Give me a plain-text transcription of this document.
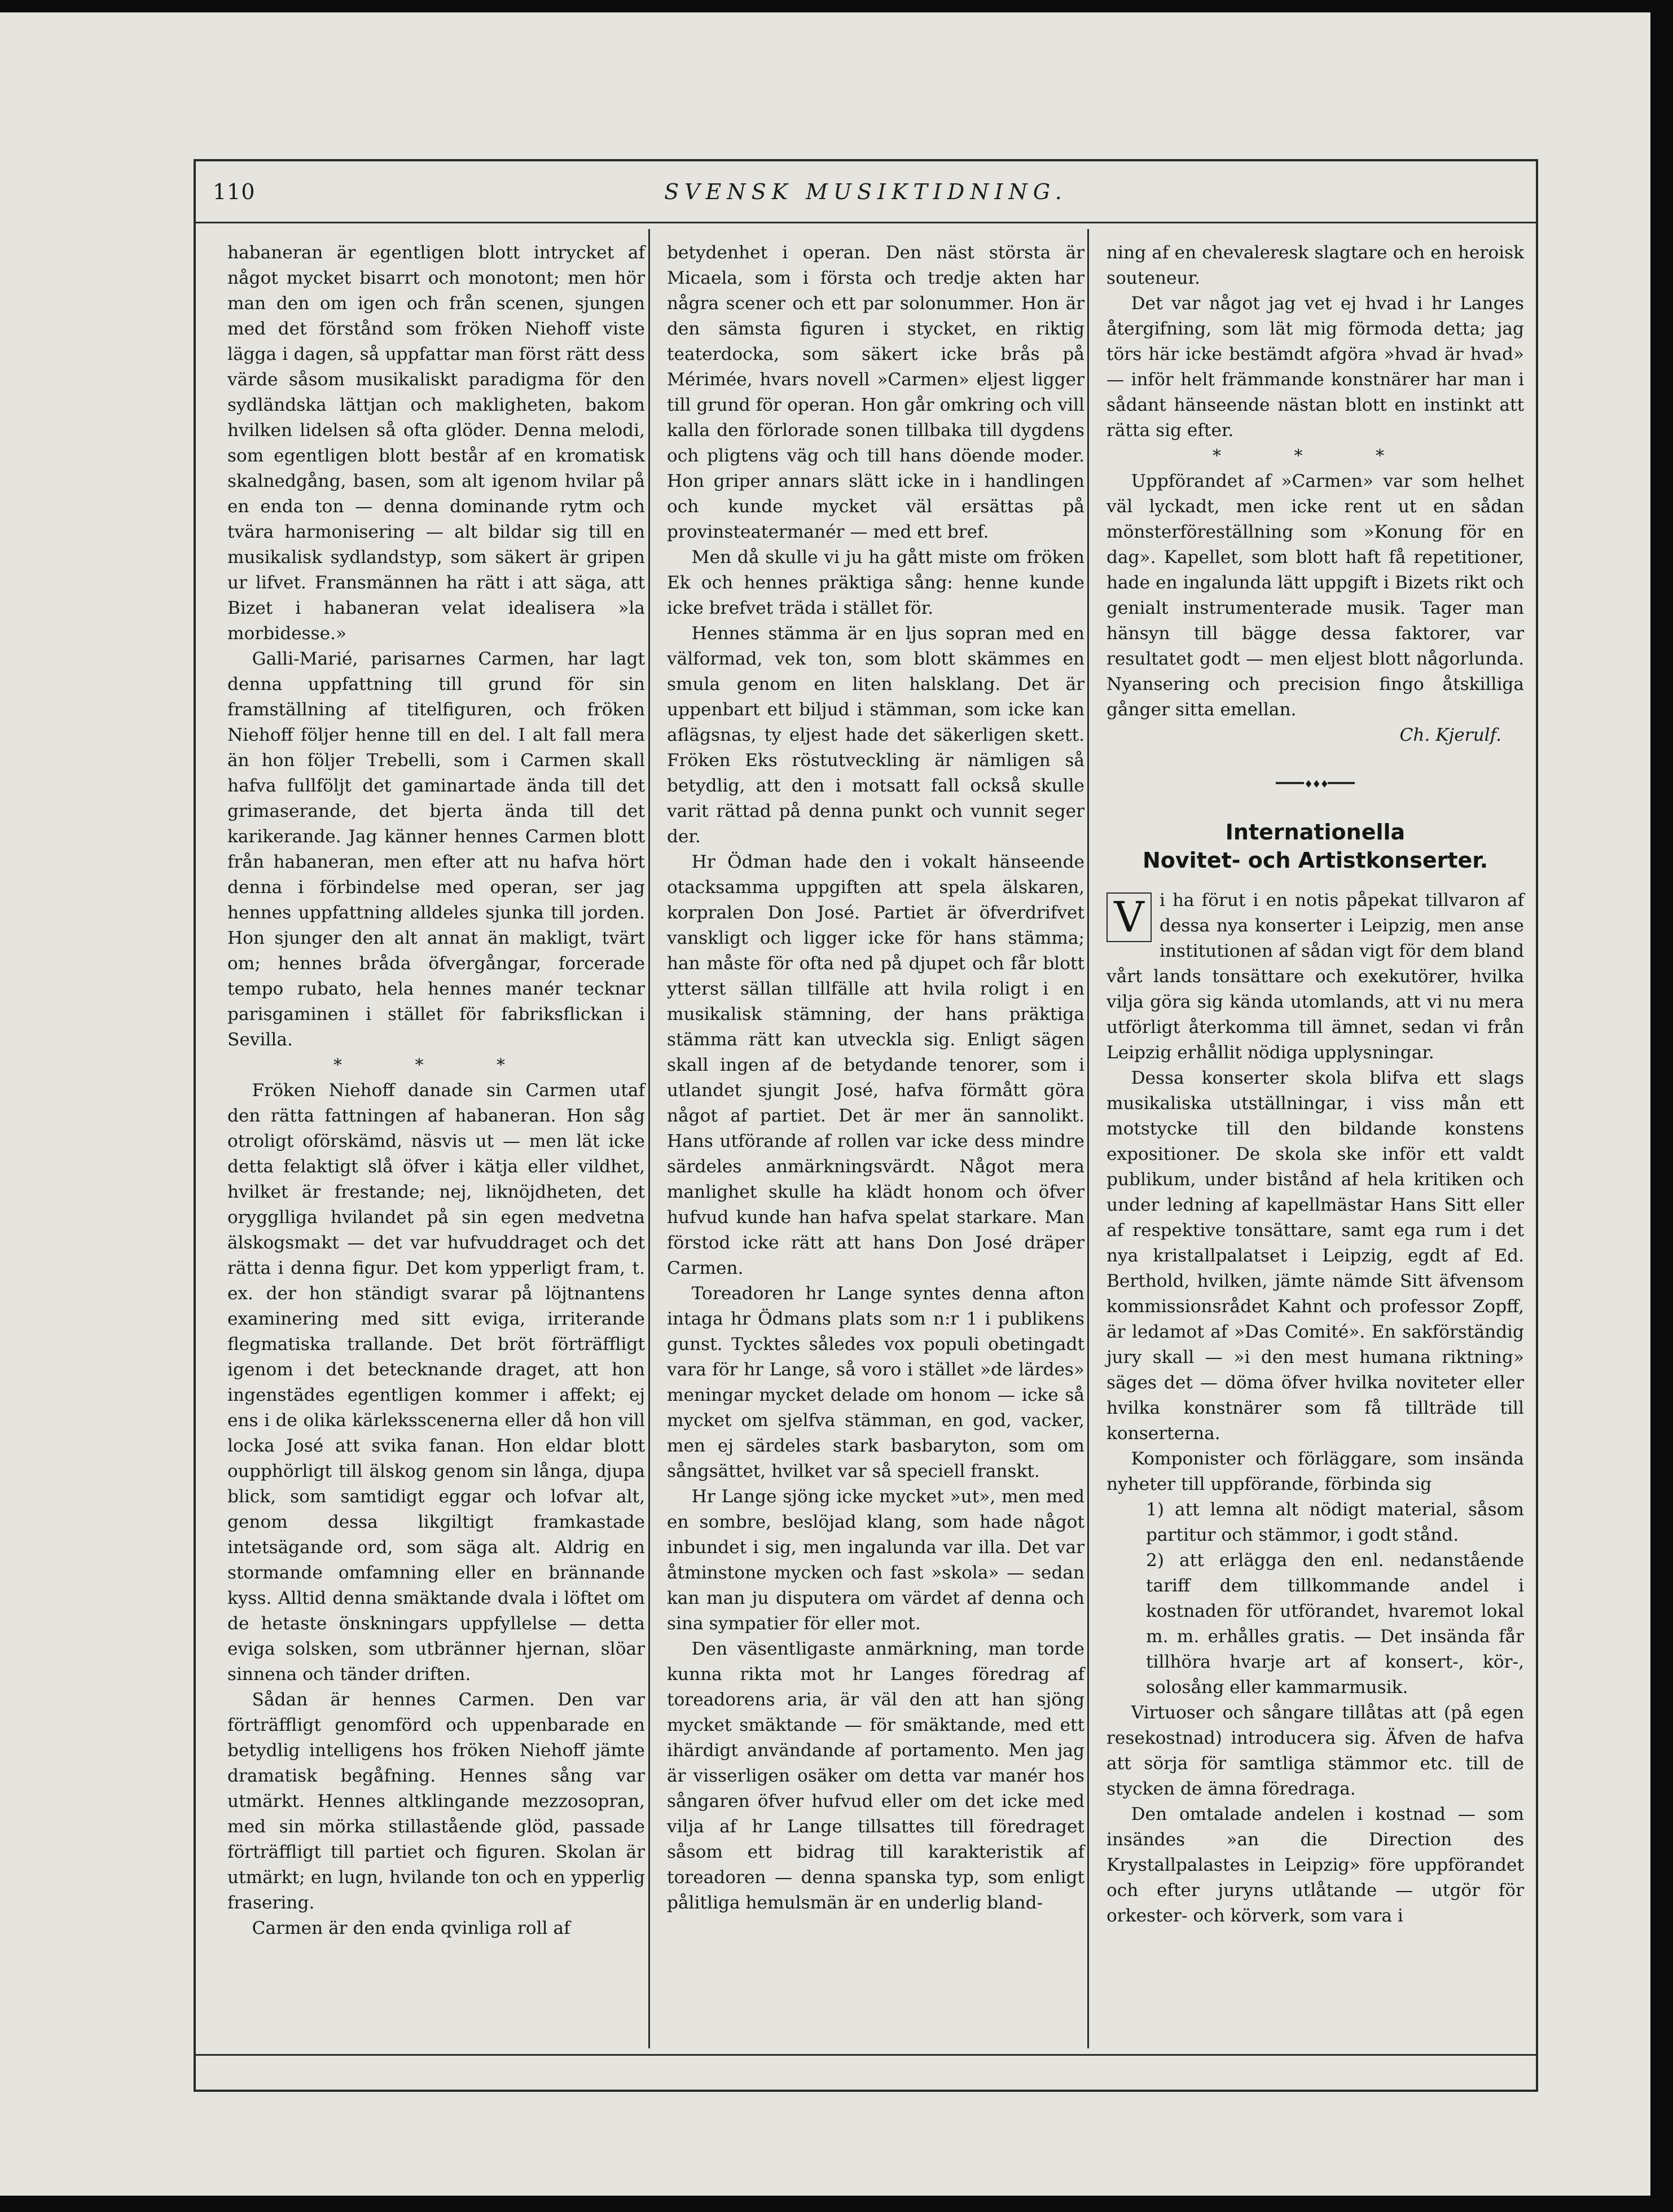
110	SVENSK MUSIKTIDNING.

habaneran är egentligen blott intrycket af något mycket bisarrt och monotont; men hör man den om igen och från scenen, sjungen med det förstånd som fröken Niehoff viste lägga i dagen, så uppfattar man först rätt dess värde såsom musikaliskt paradigma för den sydländska lättjan och makligheten, bakom hvilken lidelsen så ofta glöder. Denna melodi, som egentligen blott består af en kromatisk skalnedgång, basen, som alt igenom hvilar på en enda ton — denna dominande rytm och tvära harmonisering — alt bildar sig till en musikalisk sydlandstyp, som säkert är gripen ur lifvet. Fransmännen ha rätt i att säga, att Bizet i habaneran velat idealisera »la morbidesse.»

Galli-Marié, parisarnes Carmen, har lagt denna uppfattning till grund för sin framställning af titelfiguren, och fröken Niehoff följer henne till en del. I alt fall mera än hon följer Trebelli, som i Carmen skall hafva fullföljt det gaminartade ända till det grimaserande, det bjerta ända till det karikerande. Jag känner hennes Carmen blott från habaneran, men efter att nu hafva hört denna i förbindelse med operan, ser jag hennes uppfattning alldeles sjunka till jorden. Hon sjunger den alt annat än makligt, tvärt om; hennes bråda öfvergångar, forcerade tempo rubato, hela hennes manér tecknar parisgaminen i stället för fabriksflickan i Sevilla.

* * *

Fröken Niehoff danade sin Carmen utaf den rätta fattningen af habaneran. Hon såg otroligt oförskämd, näsvis ut — men lät icke detta felaktigt slå öfver i kätja eller vildhet, hvilket är frestande; nej, liknöjdheten, det orygglliga hvilandet på sin egen medvetna älskogsmakt — det var hufvuddraget och det rätta i denna figur. Det kom ypperligt fram, t. ex. der hon ständigt svarar på löjtnantens examinering med sitt eviga, irriterande flegmatiska trallande. Det bröt förträffligt igenom i det betecknande draget, att hon ingenstädes egentligen kommer i affekt; ej ens i de olika kärleksscenerna eller då hon vill locka José att svika fanan. Hon eldar blott oupphörligt till älskog genom sin långa, djupa blick, som samtidigt eggar och lofvar alt, genom dessa likgiltigt framkastade intetsägande ord, som säga alt. Aldrig en stormande omfamning eller en brännande kyss. Alltid denna smäktande dvala i löftet om de hetaste önskningars uppfyllelse — detta eviga solsken, som utbränner hjernan, slöar sinnena och tänder driften.

Sådan är hennes Carmen. Den var förträffligt genomförd och uppenbarade en betydlig intelligens hos fröken Niehoff jämte dramatisk begåfning. Hennes sång var utmärkt. Hennes altklingande mezzosopran, med sin mörka stillastående glöd, passade förträffligt till partiet och figuren. Skolan är utmärkt; en lugn, hvilande ton och en ypperlig frasering.

Carmen är den enda qvinliga roll af

betydenhet i operan. Den näst största är Micaela, som i första och tredje akten har några scener och ett par solonummer. Hon är den sämsta figuren i stycket, en riktig teaterdocka, som säkert icke brås på Mérimée, hvars novell »Carmen» eljest ligger till grund för operan. Hon går omkring och vill kalla den förlorade sonen tillbaka till dygdens och pligtens väg och till hans döende moder. Hon griper annars slätt icke in i handlingen och kunde mycket väl ersättas på provinsteatermanér — med ett bref.

Men då skulle vi ju ha gått miste om fröken Ek och hennes präktiga sång: henne kunde icke brefvet träda i stället för.

Hennes stämma är en ljus sopran med en välformad, vek ton, som blott skämmes en smula genom en liten halsklang. Det är uppenbart ett biljud i stämman, som icke kan aflägsnas, ty eljest hade det säkerligen skett. Fröken Eks röstutveckling är nämligen så betydlig, att den i motsatt fall också skulle varit rättad på denna punkt och vunnit seger der.

Hr Ödman hade den i vokalt hänseende otacksamma uppgiften att spela älskaren, korpralen Don José. Partiet är öfverdrifvet vanskligt och ligger icke för hans stämma; han måste för ofta ned på djupet och får blott ytterst sällan tillfälle att hvila roligt i en musikalisk stämning, der hans präktiga stämma rätt kan utveckla sig. Enligt sägen skall ingen af de betydande tenorer, som i utlandet sjungit José, hafva förmått göra något af partiet. Det är mer än sannolikt. Hans utförande af rollen var icke dess mindre särdeles anmärkningsvärdt. Något mera manlighet skulle ha klädt honom och öfver hufvud kunde han hafva spelat starkare. Man förstod icke rätt att hans Don José dräper Carmen.

Toreadoren hr Lange syntes denna afton intaga hr Ödmans plats som n:r 1 i publikens gunst. Tycktes således vox populi obetingadt vara för hr Lange, så voro i stället »de lärdes» meningar mycket delade om honom — icke så mycket om sjelfva stämman, en god, vacker, men ej särdeles stark basbaryton, som om sångsättet, hvilket var så speciell franskt.

Hr Lange sjöng icke mycket »ut», men med en sombre, beslöjad klang, som hade något inbundet i sig, men ingalunda var illa. Det var åtminstone mycken och fast »skola» — sedan kan man ju disputera om värdet af denna och sina sympatier för eller mot.

Den väsentligaste anmärkning, man torde kunna rikta mot hr Langes föredrag af toreadorens aria, är väl den att han sjöng mycket smäktande — för smäktande, med ett ihärdigt användande af portamento. Men jag är visserligen osäker om detta var manér hos sångaren öfver hufvud eller om det icke med vilja af hr Lange tillsattes till föredraget såsom ett bidrag till karakteristik af toreadoren — denna spanska typ, som enligt pålitliga hemulsmän är en underlig bland-

ning af en chevaleresk slagtare och en heroisk souteneur.

Det var något jag vet ej hvad i hr Langes återgifning, som lät mig förmoda detta; jag törs här icke bestämdt afgöra »hvad är hvad» — inför helt främmande konstnärer har man i sådant hänseende nästan blott en instinkt att rätta sig efter.

* * *

Uppförandet af »Carmen» var som helhet väl lyckadt, men icke rent ut en sådan mönsterföreställning som »Konung för en dag». Kapellet, som blott haft få repetitioner, hade en ingalunda lätt uppgift i Bizets rikt och genialt instrumenterade musik. Tager man hänsyn till bägge dessa faktorer, var resultatet godt — men eljest blott någorlunda. Nyansering och precision fingo åtskilliga gånger sitta emellan.

Ch. Kjerulf.

♦♦♦

Internationella

Novitet- och Artistkonserter.

V i ha förut i en notis påpekat tillvaron af dessa nya konserter i Leipzig, men anse institutionen af sådan vigt för dem bland vårt lands tonsättare och exekutörer, hvilka vilja göra sig kända utomlands, att vi nu mera utförligt återkomma till ämnet, sedan vi från Leipzig erhållit nödiga upplysningar.

Dessa konserter skola blifva ett slags musikaliska utställningar, i viss mån ett motstycke till den bildande konstens expositioner. De skola ske inför ett valdt publikum, under bistånd af hela kritiken och under ledning af kapellmästar Hans Sitt eller af respektive tonsättare, samt ega rum i det nya kristallpalatset i Leipzig, egdt af Ed. Berthold, hvilken, jämte nämde Sitt äfvensom kommissionsrådet Kahnt och professor Zopff, är ledamot af »Das Comité». En sakförständig jury skall — »i den mest humana riktning» säges det — döma öfver hvilka noviteter eller hvilka konstnärer som få tillträde till konserterna.

Komponister och förläggare, som insända nyheter till uppförande, förbinda sig

1) att lemna alt nödigt material, såsom partitur och stämmor, i godt stånd.

2) att erlägga den enl. nedanstående tariff dem tillkommande andel i kostnaden för utförandet, hvaremot lokal m. m. erhålles gratis. — Det insända får tillhöra hvarje art af konsert-, kör-, solosång eller kammarmusik.

Virtuoser och sångare tillåtas att (på egen resekostnad) introducera sig. Äfven de hafva att sörja för samtliga stämmor etc. till de stycken de ämna föredraga.

Den omtalade andelen i kostnad — som insändes »an die Direction des Krystallpalastes in Leipzig» före uppförandet och efter juryns utlåtande — utgör för orkester- och körverk, som vara i
